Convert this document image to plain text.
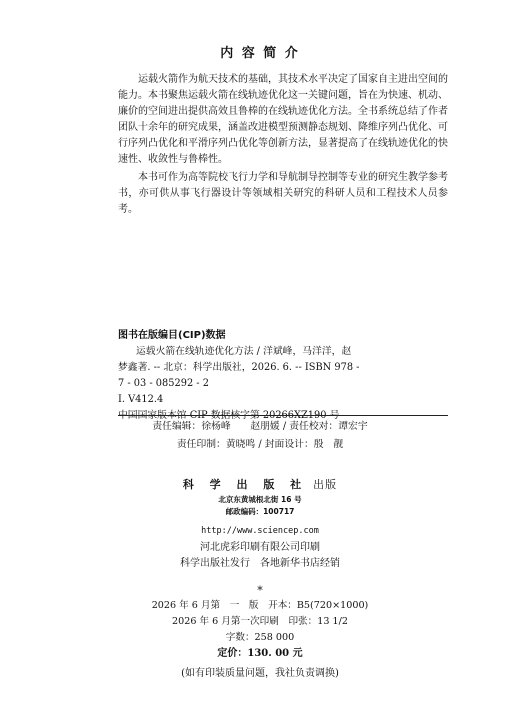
内 容 简 介

运载火箭作为航天技术的基础，其技术水平决定了国家自主进出空间的能力。本书聚焦运载火箭在线轨迹优化这一关键问题，旨在为快速、机动、廉价的空间进出提供高效且鲁棒的在线轨迹优化方法。全书系统总结了作者团队十余年的研究成果，涵盖改进模型预测静态规划、降维序列凸优化、可行序列凸优化和平滑序列凸优化等创新方法，显著提高了在线轨迹优化的快速性、收敛性与鲁棒性。

本书可作为高等院校飞行力学和导航制导控制等专业的研究生教学参考书，亦可供从事飞行器设计等领域相关研究的科研人员和工程技术人员参考。

图书在版编目(CIP)数据

运载火箭在线轨迹优化方法 / 洋斌峰，马洋洋，赵

梦鑫著. -- 北京：科学出版社，2026. 6. -- ISBN 978 -

7 - 03 - 085292 - 2

Ⅰ. V412.4

中国国家版本馆 CIP 数据核字第 20266XZ190 号

责任编辑：徐杨峰　　赵朋媛 / 责任校对：谭宏宇
责任印制：黄晓鸣 / 封面设计：殷　靓
科 学 出 版 社 出版
北京东黄城根北街 16 号
邮政编码：100717
http://www.sciencep.com
河北虎彩印刷有限公司印刷
科学出版社发行　各地新华书店经销
*
2026 年 6 月第　一　版　开本：B5(720×1000)
2026 年 6 月第一次印刷　印张：13 1/2
字数：258 000
定价：130. 00 元
(如有印装质量问题，我社负责调换)
